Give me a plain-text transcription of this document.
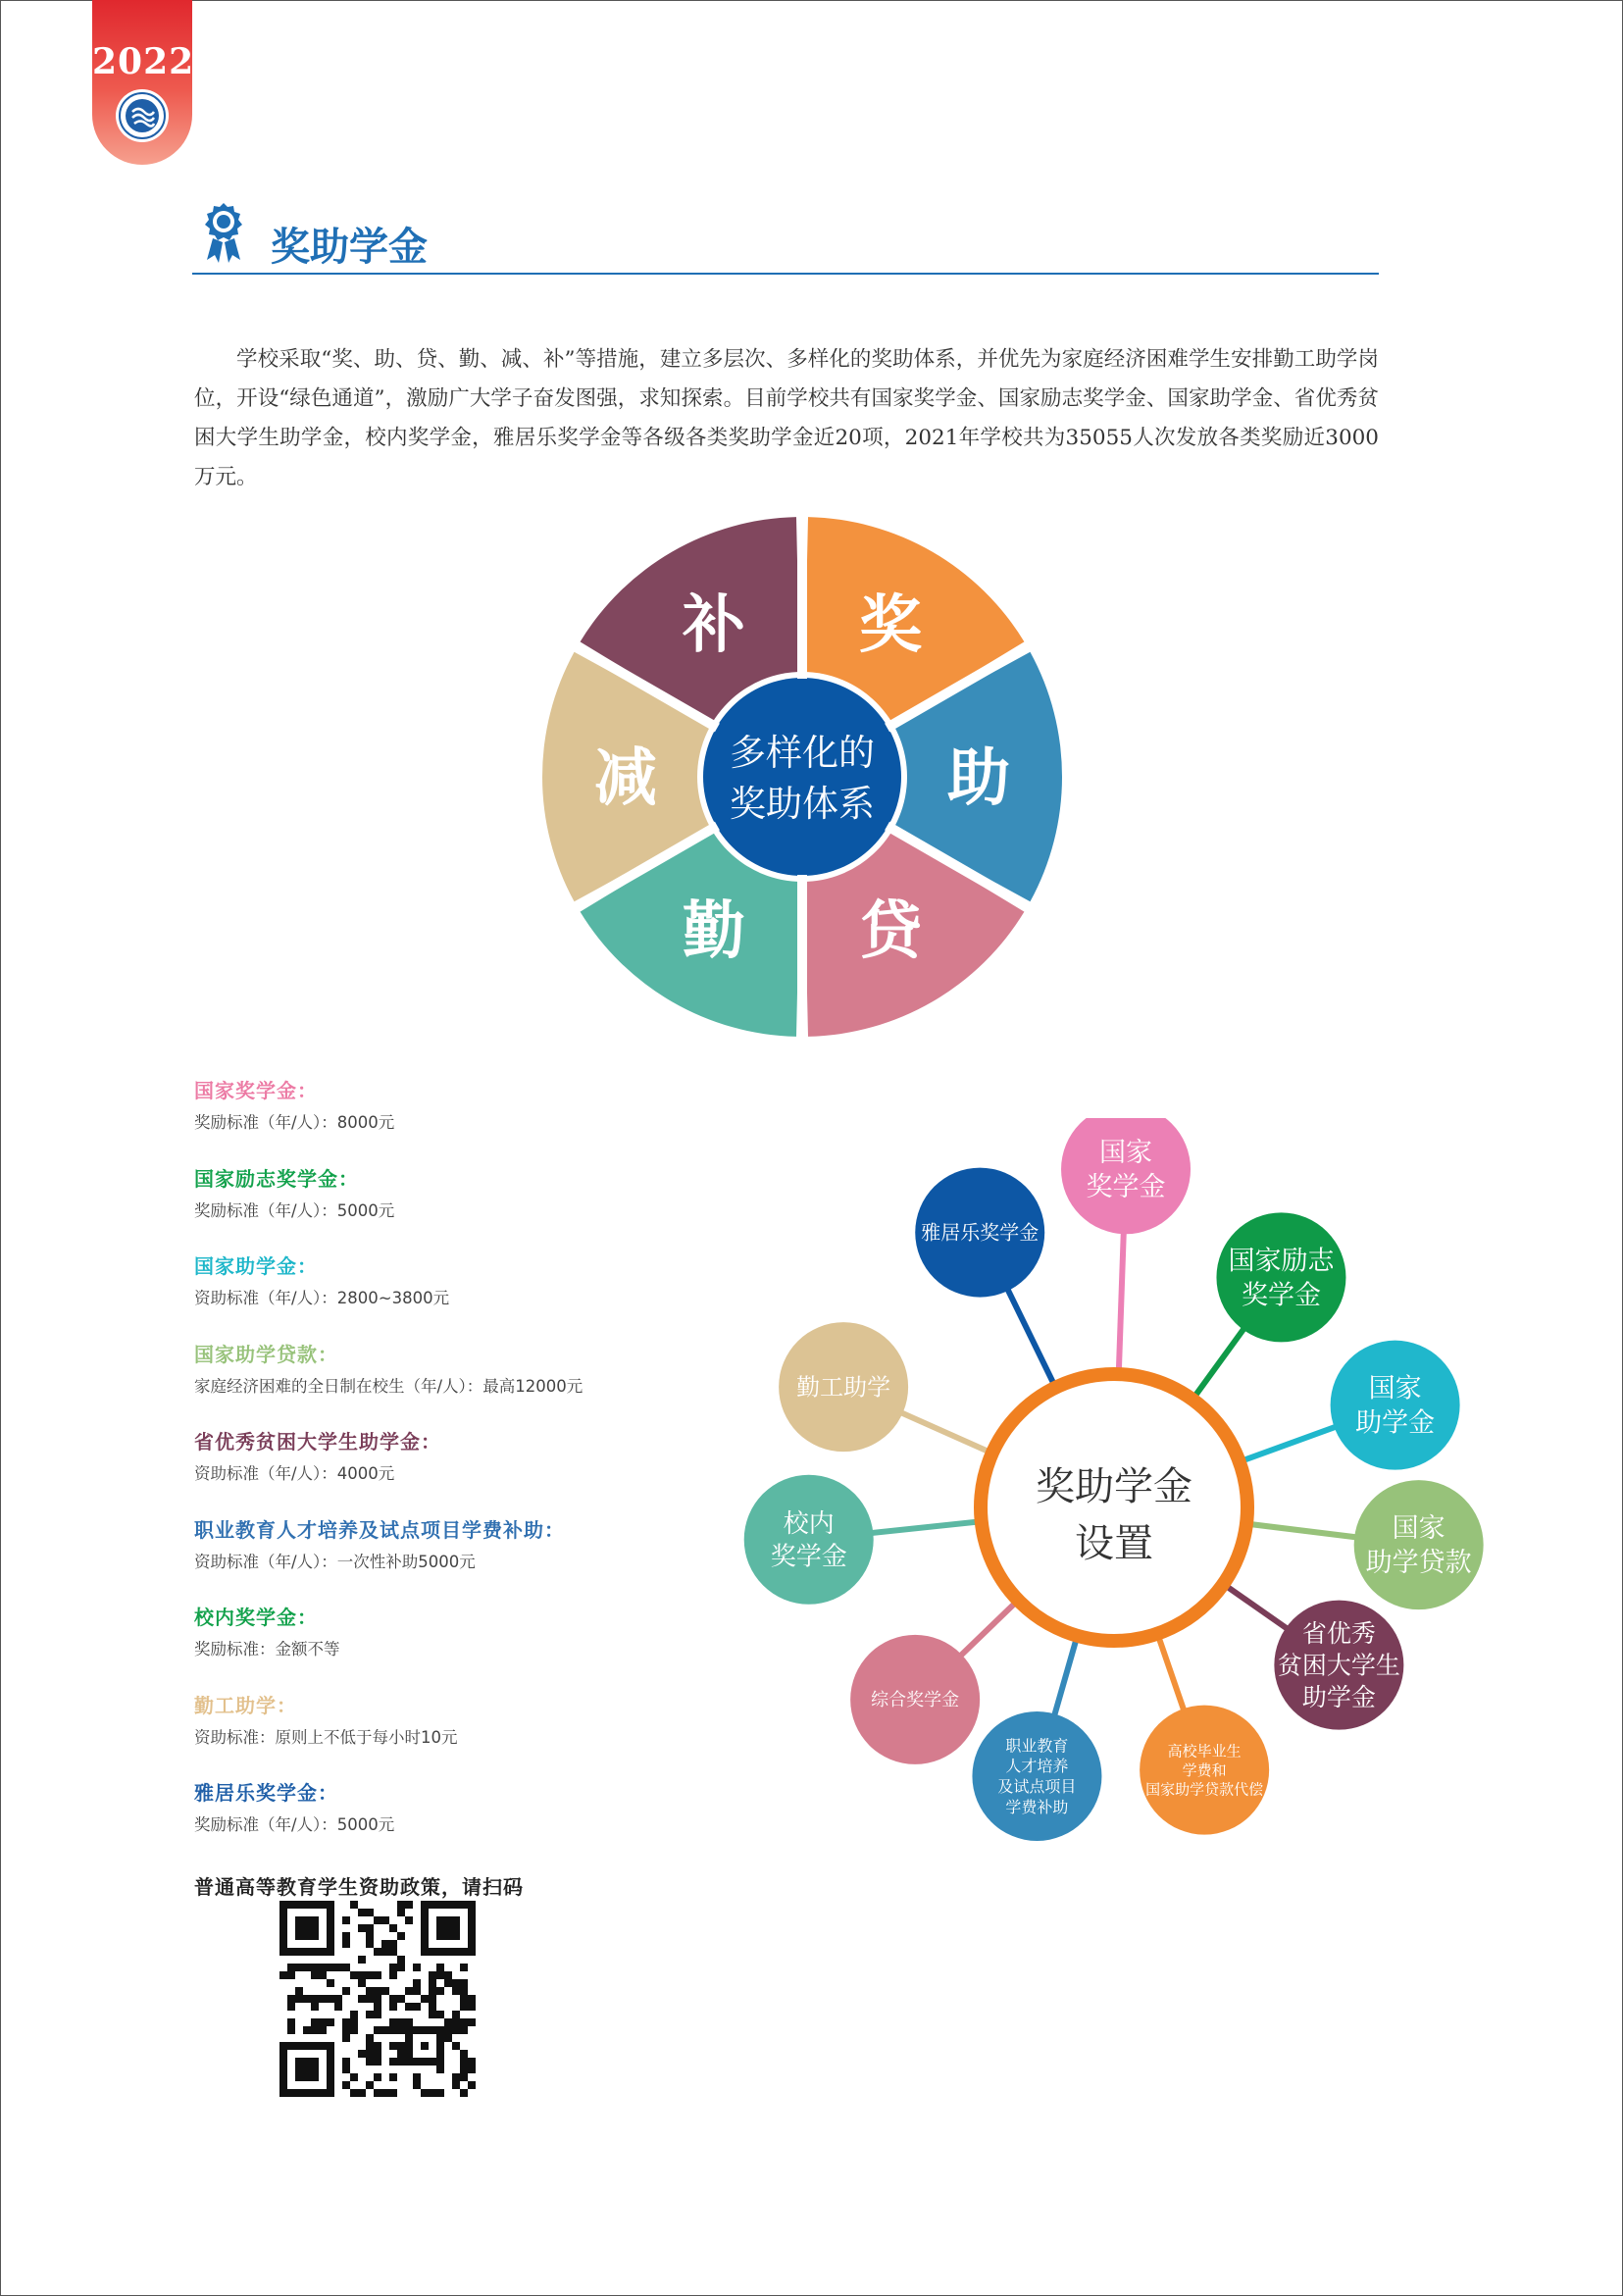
2022
奖助学金

学校采取“奖、助、贷、勤、减、补”等措施，建立多层次、多样化的奖助体系，并优先为家庭经济困难学生安排勤工助学岗位，开设“绿色通道”，激励广大学子奋发图强，求知探索。目前学校共有国家奖学金、国家励志奖学金、国家助学金、省优秀贫困大学生助学金，校内奖学金，雅居乐奖学金等各级各类奖助学金近20项，2021年学校共为35055人次发放各类奖励近3000万元。

奖
助
贷
勤
减
补
多样化的
奖助体系
国家奖学金：
奖励标准（年/人）：8000元
国家励志奖学金：
奖励标准（年/人）：5000元
国家助学金：
资助标准（年/人）：2800~3800元
国家助学贷款：
家庭经济困难的全日制在校生（年/人）：最高12000元
省优秀贫困大学生助学金：
资助标准（年/人）：4000元
职业教育人才培养及试点项目学费补助：
资助标准（年/人）：一次性补助5000元
校内奖学金：
奖励标准：金额不等
勤工助学：
资助标准：原则上不低于每小时10元
雅居乐奖学金：
奖励标准（年/人）：5000元
普通高等教育学生资助政策，请扫码
奖助学金
设置
国家
奖学金
国家励志
奖学金
国家
助学金
国家
助学贷款
省优秀
贫困大学生
助学金
高校毕业生
学费和
国家助学贷款代偿
职业教育
人才培养
及试点项目
学费补助
综合奖学金
校内
奖学金
勤工助学
雅居乐奖学金
